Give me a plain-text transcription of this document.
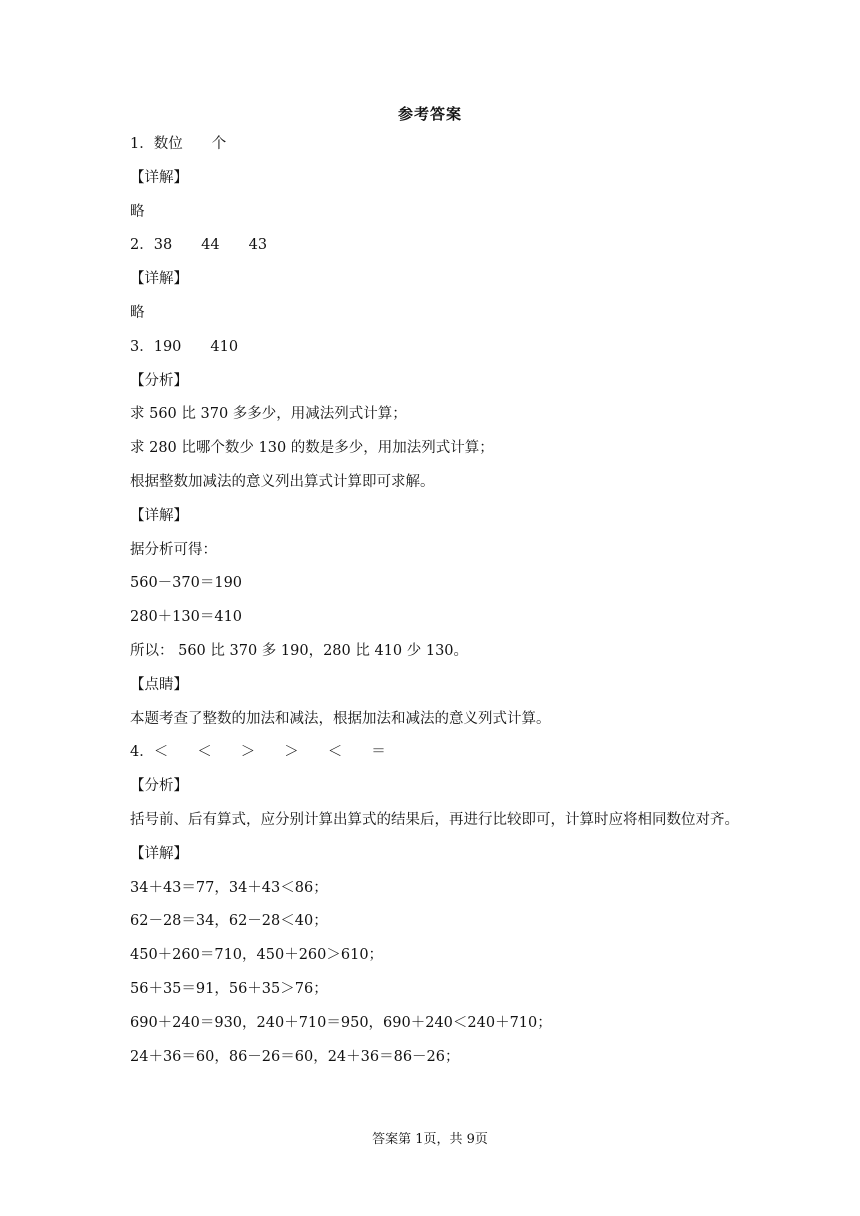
参考答案
1．数位　　个
【详解】
略
2．38　　44　　43
【详解】
略
3．190　　410
【分析】
求 560 比 370 多多少，用减法列式计算；
求 280 比哪个数少 130 的数是多少，用加法列式计算；
根据整数加减法的意义列出算式计算即可求解。
【详解】
据分析可得：
560－370＝190
280＋130＝410
所以： 560 比 370 多 190，280 比 410 少 130。
【点睛】
本题考查了整数的加法和减法，根据加法和减法的意义列式计算。
4．＜　　＜　　＞　　＞　　＜　　＝
【分析】
括号前、后有算式，应分别计算出算式的结果后，再进行比较即可，计算时应将相同数位对齐。
【详解】
34＋43＝77，34＋43＜86；
62－28＝34，62－28＜40；
450＋260＝710，450＋260＞610；
56＋35＝91，56＋35＞76；
690＋240＝930，240＋710＝950，690＋240＜240＋710；
24＋36＝60，86－26＝60，24＋36＝86－26；
答案第 1页，共 9页
